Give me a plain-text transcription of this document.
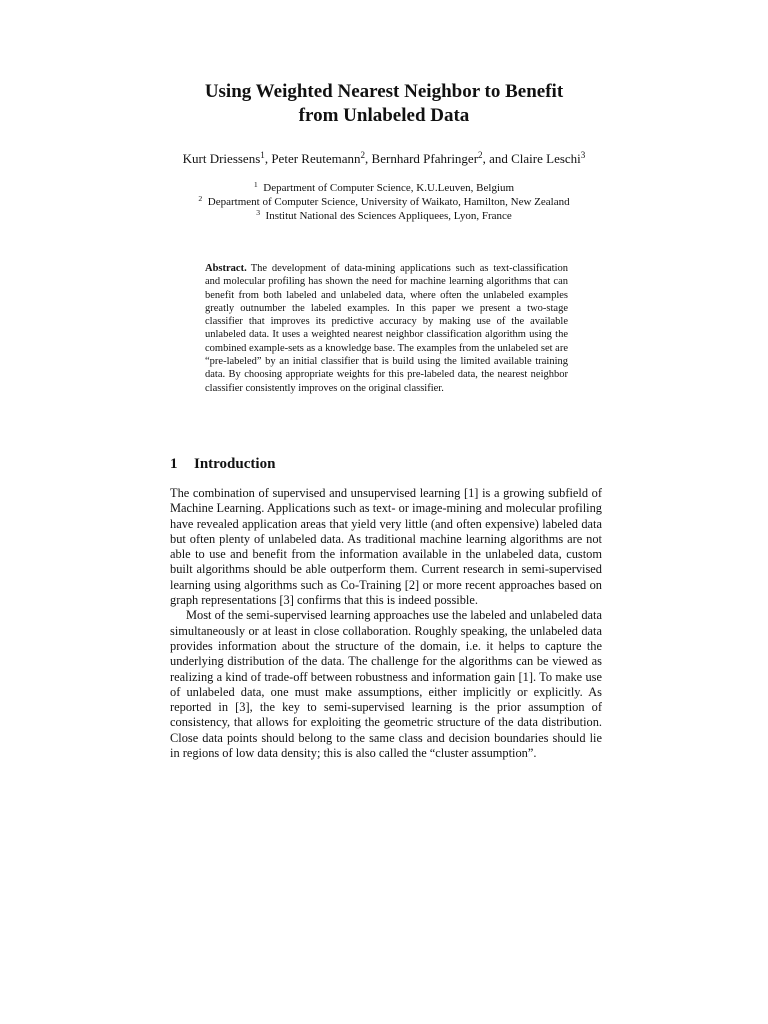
Using Weighted Nearest Neighbor to Benefit
from Unlabeled Data
Kurt Driessens$^1$, Peter Reutemann$^2$, Bernhard Pfahringer$^2$, and Claire Leschi$^3$
$^1$ Department of Computer Science, K.U.Leuven, Belgium
$^2$ Department of Computer Science, University of Waikato, Hamilton, New Zealand
$^3$ Institut National des Sciences Appliquees, Lyon, France
Abstract. The development of data-mining applications such as text-classification and molecular profiling has shown the need for machine learning algorithms that can benefit from both labeled and unlabeled data, where often the unlabeled examples greatly outnumber the labeled examples. In this paper we present a two-stage classifier that improves its predictive accuracy by making use of the available unlabeled data. It uses a weighted nearest neighbor classification algorithm using the combined example-sets as a knowledge base. The examples from the unlabeled set are “pre-labeled” by an initial classifier that is build using the limited available training data. By choosing appropriate weights for this pre-labeled data, the nearest neighbor classifier consistently improves on the original classifier.
1 Introduction

The combination of supervised and unsupervised learning [1] is a growing subfield of Machine Learning. Applications such as text- or image-mining and molecular profiling have revealed application areas that yield very little (and often expensive) labeled data but often plenty of unlabeled data. As traditional machine learning algorithms are not able to use and benefit from the information available in the unlabeled data, custom built algorithms should be able outperform them. Current research in semi-supervised learning using algorithms such as Co-Training [2] or more recent approaches based on graph representations [3] confirms that this is indeed possible.

Most of the semi-supervised learning approaches use the labeled and unlabeled data simultaneously or at least in close collaboration. Roughly speaking, the unlabeled data provides information about the structure of the domain, i.e. it helps to capture the underlying distribution of the data. The challenge for the algorithms can be viewed as realizing a kind of trade-off between robustness and information gain [1]. To make use of unlabeled data, one must make assumptions, either implicitly or explicitly. As reported in [3], the key to semi-supervised learning is the prior assumption of consistency, that allows for exploiting the geometric structure of the data distribution. Close data points should belong to the same class and decision boundaries should lie in regions of low data density; this is also called the “cluster assumption”.
